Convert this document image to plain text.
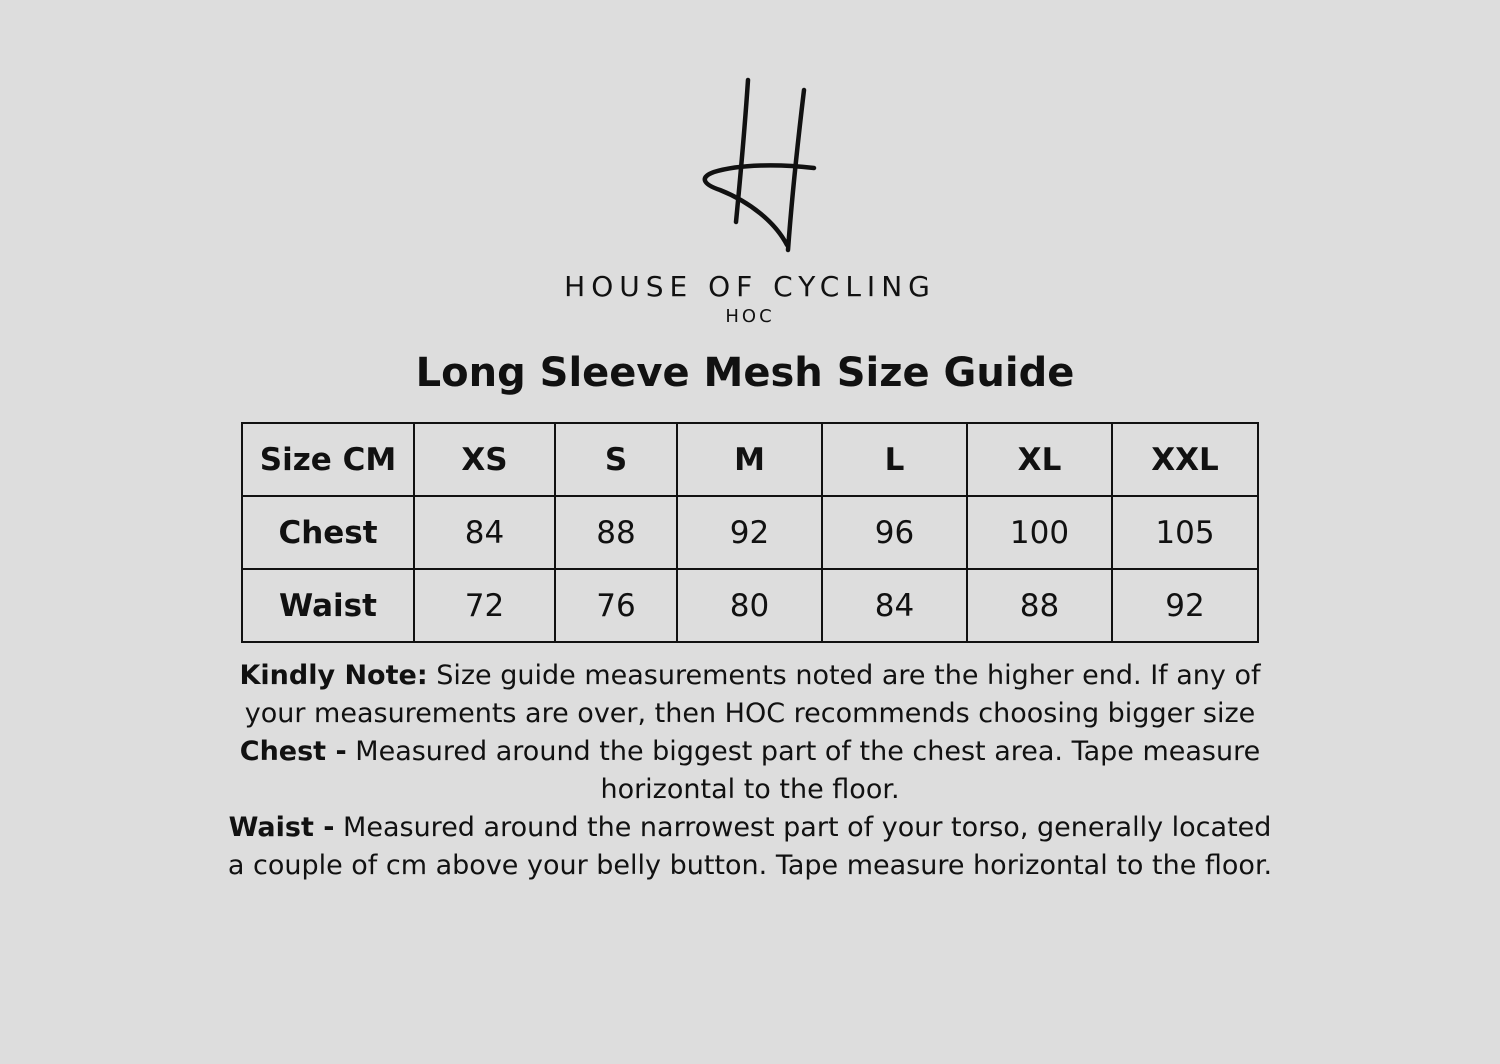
HOUSE OF CYCLING
HOC
Long Sleeve Mesh Size Guide
Size CM	XS	S	M	L	XL	XXL
Chest	84	88	92	96	100	105
Waist	72	76	80	84	88	92

Kindly Note: Size guide measurements noted are the higher end. If any of your measurements are over, then HOC recommends choosing bigger size

Chest - Measured around the biggest part of the chest area. Tape measure horizontal to the floor.

Waist - Measured around the narrowest part of your torso, generally located a couple of cm above your belly button. Tape measure horizontal to the floor.
